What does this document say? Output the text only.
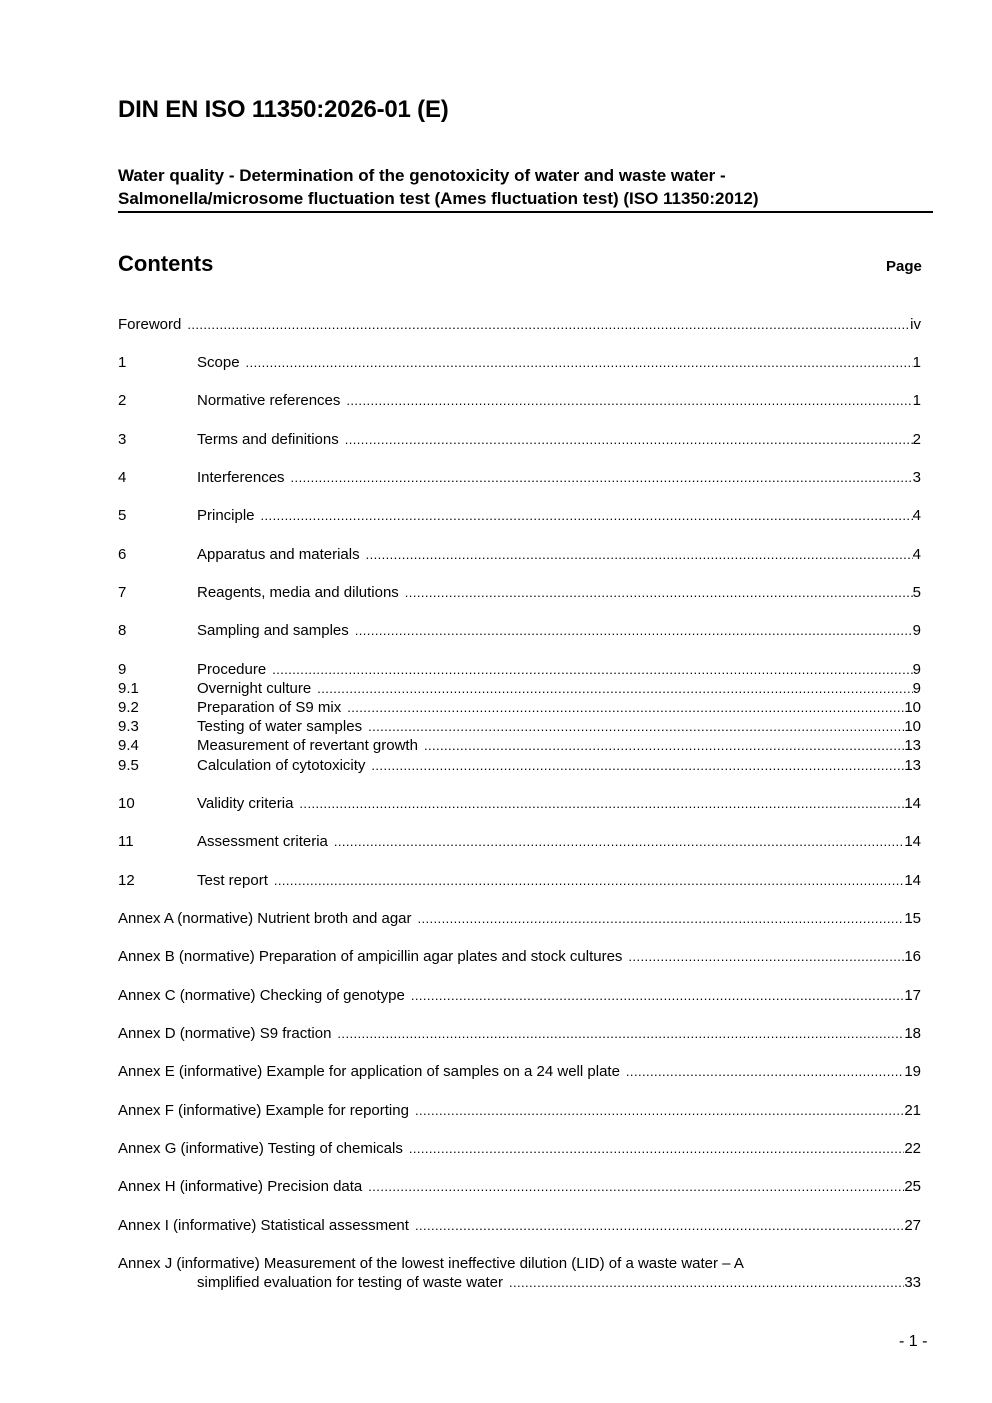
DIN EN ISO 11350:2026-01 (E)
Water quality - Determination of the genotoxicity of water and waste water -
Salmonella/microsome fluctuation test (Ames fluctuation test) (ISO 11350:2012)
Contents	Page
Foreword .....	iv
1	Scope .....	1
2	Normative references .....	1
3	Terms and definitions .....	2
4	Interferences .....	3
5	Principle .....	4
6	Apparatus and materials .....	4
7	Reagents, media and dilutions .....	5
8	Sampling and samples .....	9
9	Procedure .....	9
9.1	Overnight culture .....	9
9.2	Preparation of S9 mix .....	10
9.3	Testing of water samples .....	10
9.4	Measurement of revertant growth .....	13
9.5	Calculation of cytotoxicity .....	13
10	Validity criteria .....	14
11	Assessment criteria .....	14
12	Test report .....	14
Annex A (normative) Nutrient broth and agar .....	15
Annex B (normative) Preparation of ampicillin agar plates and stock cultures .....	16
Annex C (normative) Checking of genotype .....	17
Annex D (normative) S9 fraction .....	18
Annex E (informative) Example for application of samples on a 24 well plate .....	19
Annex F (informative) Example for reporting .....	21
Annex G (informative) Testing of chemicals .....	22
Annex H (informative) Precision data .....	25
Annex I (informative) Statistical assessment .....	27
Annex J (informative) Measurement of the lowest ineffective dilution (LID) of a waste water – A
simplified evaluation for testing of waste water .....	33
- 1 -
